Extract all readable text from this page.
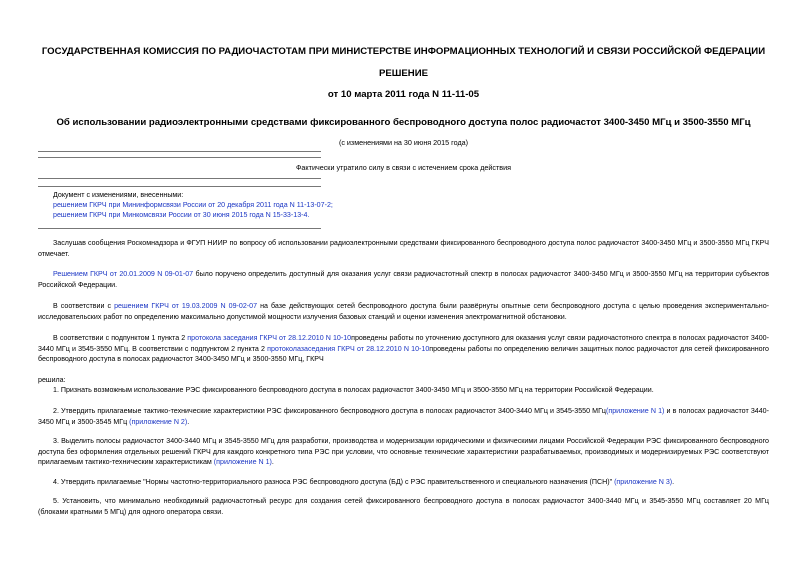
ГОСУДАРСТВЕННАЯ КОМИССИЯ ПО РАДИОЧАСТОТАМ ПРИ МИНИСТЕРСТВЕ ИНФОРМАЦИОННЫХ ТЕХНОЛОГИЙ И СВЯЗИ РОССИЙСКОЙ ФЕДЕРАЦИИ
РЕШЕНИЕ
от 10 марта 2011 года N 11-11-05
Об использовании радиоэлектронными средствами фиксированного беспроводного доступа полос радиочастот 3400-3450 МГц и 3500-3550 МГц
(с изменениями на 30 июня 2015 года)
Фактически утратило силу в связи с истечением срока действия
Документ с изменениями, внесенными:
решением ГКРЧ при Мининформсвязи России от 20 декабря 2011 года N 11-13-07-2;
решением ГКРЧ при Минкомсвязи России от 30 июня 2015 года N 15-33-13-4.
Заслушав сообщения Роскомнадзора и ФГУП НИИР по вопросу об использовании радиоэлектронными средствами фиксированного беспроводного доступа полос радиочастот 3400-3450 МГц и 3500-3550 МГц ГКРЧ отмечает.
Решением ГКРЧ от 20.01.2009 N 09-01-07 было поручено определить доступный для оказания услуг связи радиочастотный спектр в полосах радиочастот 3400-3450 МГц и 3500-3550 МГц на территории субъектов Российской Федерации.
В соответствии с решением ГКРЧ от 19.03.2009 N 09-02-07 на базе действующих сетей беспроводного доступа были развёрнуты опытные сети беспроводного доступа с целью проведения экспериментально-исследовательских работ по определению максимально допустимой мощности излучения базовых станций и оценки изменения электромагнитной обстановки.
В соответствии с подпунктом 1 пункта 2 протокола заседания ГКРЧ от 28.12.2010 N 10-10проведены работы по уточнению доступного для оказания услуг связи радиочастотного спектра в полосах радиочастот 3400-3440 МГц и 3545-3550 МГц. В соответствии с подпунктом 2 пункта 2 протоколазаседания ГКРЧ от 28.12.2010 N 10-10проведены работы по определению величин защитных полос радиочастот для сетей фиксированного беспроводного доступа в полосах радиочастот 3400-3450 МГц и 3500-3550 МГц, ГКРЧ
решила:
1. Признать возможным использование РЭС фиксированного беспроводного доступа в полосах радиочастот 3400-3450 МГц и 3500-3550 МГц на территории Российской Федерации.
2. Утвердить прилагаемые тактико-технические характеристики РЭС фиксированного беспроводного доступа в полосах радиочастот 3400-3440 МГц и 3545-3550 МГц(приложение N 1) и в полосах радиочастот 3440-3450 МГц и 3500-3545 МГц (приложение N 2).
3. Выделить полосы радиочастот 3400-3440 МГц и 3545-3550 МГц для разработки, производства и модернизации юридическими и физическими лицами Российской Федерации РЭС фиксированного беспроводного доступа без оформления отдельных решений ГКРЧ для каждого конкретного типа РЭС при условии, что основные технические характеристики разрабатываемых, производимых и модернизируемых РЭС соответствуют прилагаемым тактико-техническим характеристикам (приложение N 1).
4. Утвердить прилагаемые "Нормы частотно-территориального разноса РЭС беспроводного доступа (БД) с РЭС правительственного и специального назначения (ПСН)" (приложение N 3).
5. Установить, что минимально необходимый радиочастотный ресурс для создания сетей фиксированного беспроводного доступа в полосах радиочастот 3400-3440 МГц и 3545-3550 МГц составляет 20 МГц (блоками кратными 5 МГц) для одного оператора связи.
